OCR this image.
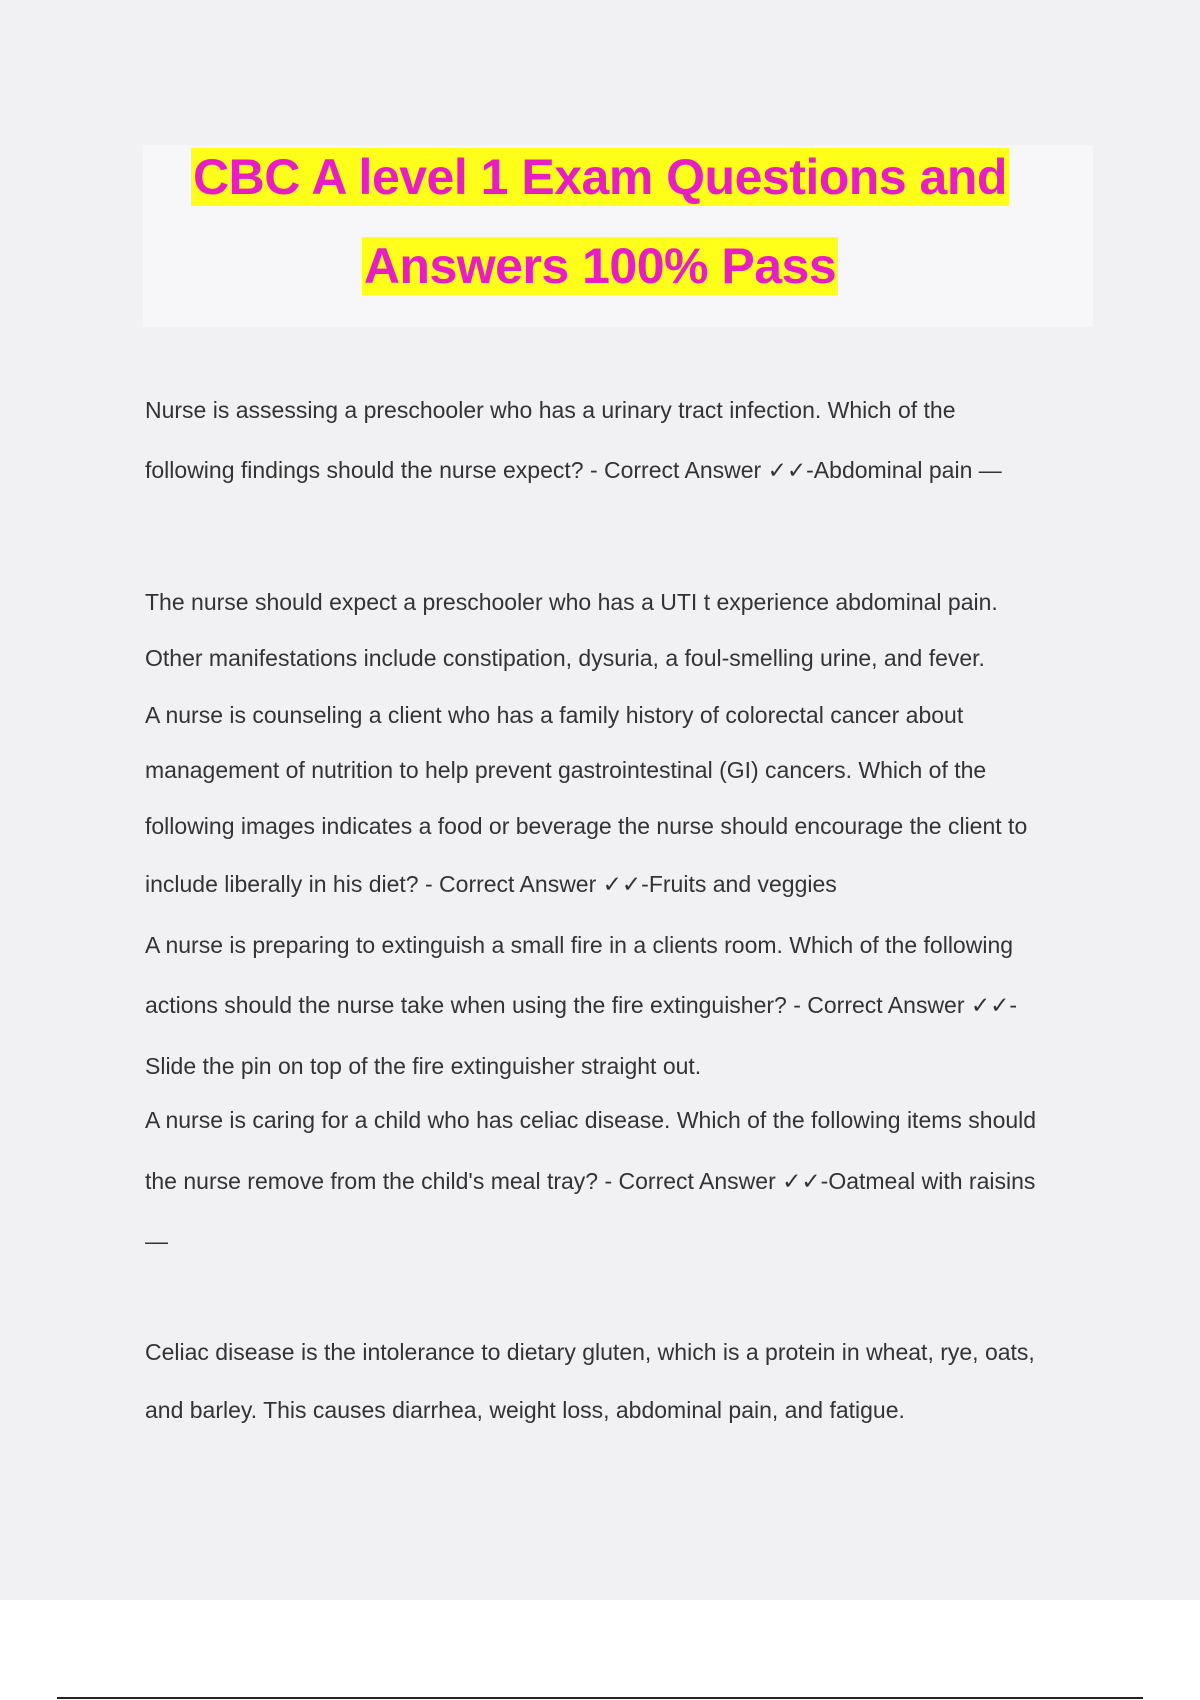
CBC A level 1 Exam Questions and
Answers 100% Pass
Nurse is assessing a preschooler who has a urinary tract infection. Which of the
following findings should the nurse expect? - Correct Answer ✓✓-Abdominal pain —
The nurse should expect a preschooler who has a UTI t experience abdominal pain.
Other manifestations include constipation, dysuria, a foul-smelling urine, and fever.
A nurse is counseling a client who has a family history of colorectal cancer about
management of nutrition to help prevent gastrointestinal (GI) cancers. Which of the
following images indicates a food or beverage the nurse should encourage the client to
include liberally in his diet? - Correct Answer ✓✓-Fruits and veggies
A nurse is preparing to extinguish a small fire in a clients room. Which of the following
actions should the nurse take when using the fire extinguisher? - Correct Answer ✓✓-
Slide the pin on top of the fire extinguisher straight out.
A nurse is caring for a child who has celiac disease. Which of the following items should
the nurse remove from the child's meal tray? - Correct Answer ✓✓-Oatmeal with raisins
—
Celiac disease is the intolerance to dietary gluten, which is a protein in wheat, rye, oats,
and barley. This causes diarrhea, weight loss, abdominal pain, and fatigue.
